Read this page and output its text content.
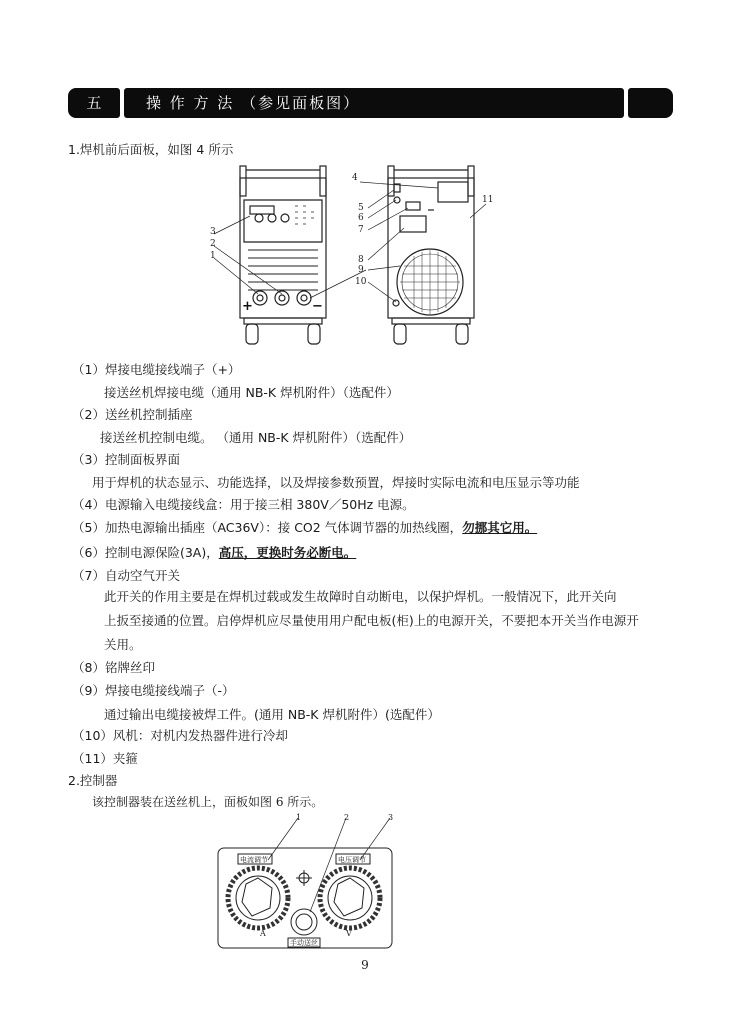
五	操 作 方 法 （参见面板图）
1.焊机前后面板，如图 4 所示
3
2
1
+	−
4
5
6
7
8
9
10
11
（1）焊接电缆接线端子（+）
接送丝机焊接电缆（通用 NB-K 焊机附件）（选配件）
（2）送丝机控制插座
接送丝机控制电缆。 （通用 NB-K 焊机附件）（选配件）
（3）控制面板界面
用于焊机的状态显示、功能选择，以及焊接参数预置，焊接时实际电流和电压显示等功能
（4）电源输入电缆接线盒：用于接三相 380V／50Hz 电源。
（5）加热电源输出插座（AC36V）：接 CO2 气体调节器的加热线圈，勿挪其它用。
（6）控制电源保险(3A)，高压，更换时务必断电。
（7）自动空气开关
此开关的作用主要是在焊机过载或发生故障时自动断电，以保护焊机。一般情况下，此开关向
上扳至接通的位置。启停焊机应尽量使用用户配电板(柜)上的电源开关，不要把本开关当作电源开
关用。
（8）铭牌丝印
（9）焊接电缆接线端子（-）
通过输出电缆接被焊工件。(通用 NB-K 焊机附件）(选配件）
（10）风机：对机内发热器件进行冷却
（11）夹箍
2.控制器
该控制器装在送丝机上，面板如图 6 所示。
1	2	3
电流调节	电压调节
手动送丝
A	V
9
